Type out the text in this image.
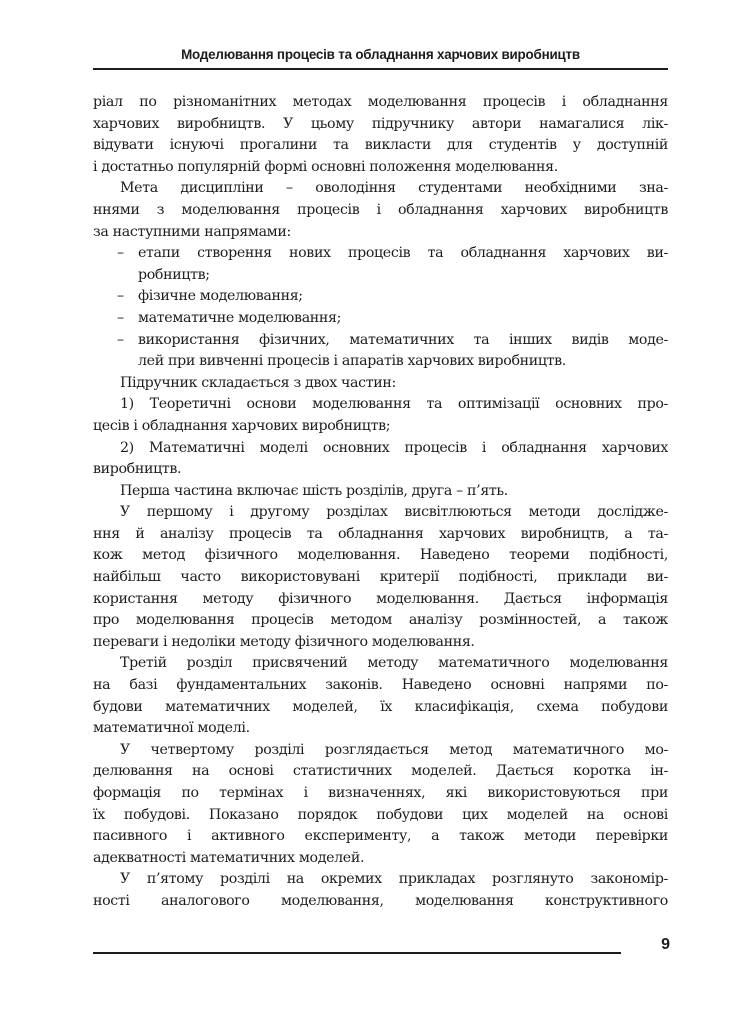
Моделювання процесів та обладнання харчових виробництв
ріал по різноманітних методах моделювання процесів і обладнання
харчових виробництв. У цьому підручнику автори намагалися лік-
відувати існуючі прогалини та викласти для студентів у доступній
і достатньо популярній формі основні положення моделювання.
Мета дисципліни – оволодіння студентами необхідними зна-
ннями з моделювання процесів і обладнання харчових виробництв
за наступними напрямами:
– етапи створення нових процесів та обладнання харчових ви-
робництв;
– фізичне моделювання;
– математичне моделювання;
– використання фізичних, математичних та інших видів моде-
лей при вивченні процесів і апаратів харчових виробництв.
Підручник складається з двох частин:
1) Теоретичні основи моделювання та оптимізації основних про-
цесів і обладнання харчових виробництв;
2) Математичні моделі основних процесів і обладнання харчових
виробництв.
Перша частина включає шість розділів, друга – п’ять.
У першому і другому розділах висвітлюються методи дослідже-
ння й аналізу процесів та обладнання харчових виробництв, а та-
кож метод фізичного моделювання. Наведено теореми подібності,
найбільш часто використовувані критерії подібності, приклади ви-
користання методу фізичного моделювання. Дається інформація
про моделювання процесів методом аналізу розмінностей, а також
переваги і недоліки методу фізичного моделювання.
Третій розділ присвячений методу математичного моделювання
на базі фундаментальних законів. Наведено основні напрями по-
будови математичних моделей, їх класифікація, схема побудови
математичної моделі.
У четвертому розділі розглядається метод математичного мо-
делювання на основі статистичних моделей. Дається коротка ін-
формація по термінах і визначеннях, які використовуються при
їх побудові. Показано порядок побудови цих моделей на основі
пасивного і активного експерименту, а також методи перевірки
адекватності математичних моделей.
У п’ятому розділі на окремих прикладах розглянуто закономір-
ності аналогового моделювання, моделювання конструктивного
9
